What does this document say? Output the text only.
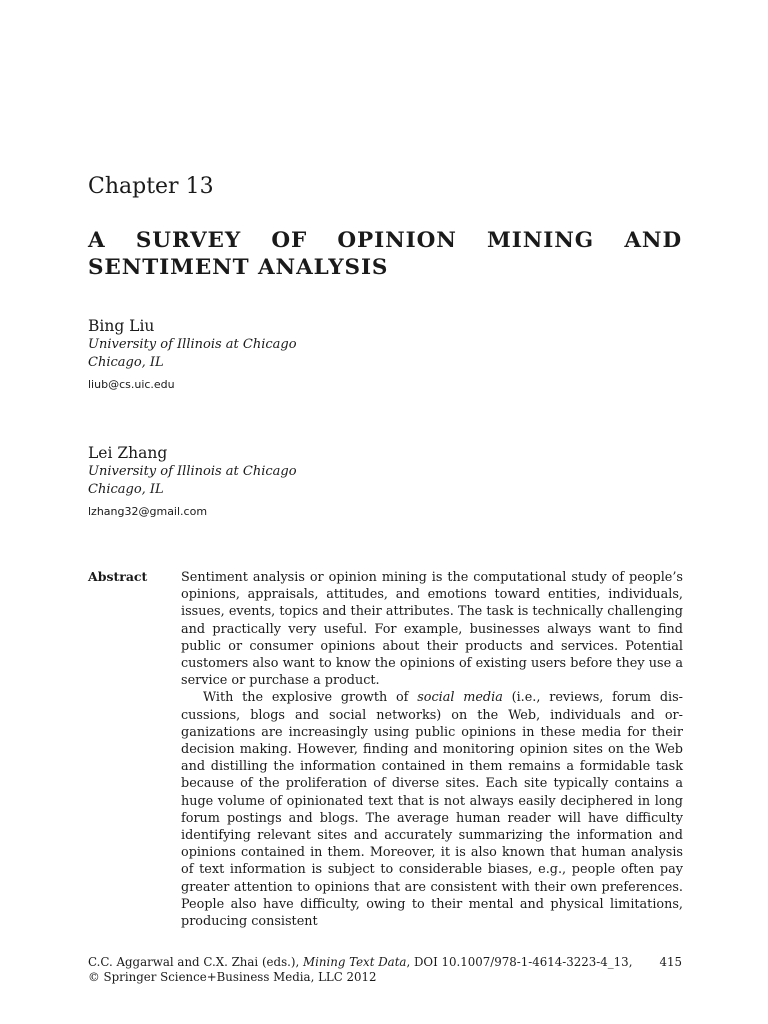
Chapter 13
A SURVEY OF OPINION MINING AND
SENTIMENT ANALYSIS
Bing Liu
University of Illinois at Chicago
Chicago, IL
liub@cs.uic.edu
Lei Zhang
University of Illinois at Chicago
Chicago, IL
lzhang32@gmail.com
Abstract	Sentiment analysis or opinion mining is the computational study of people’s opinions, appraisals, attitudes, and emotions toward entities, individuals, issues, events, topics and their attributes. The task is technically challenging and practically very useful. For example, businesses always want to find public or consumer opinions about their products and services. Potential customers also want to know the opinions of existing users before they use a service or purchase a product.

With the explosive growth of social media (i.e., reviews, forum discussions, blogs and social networks) on the Web, individuals and organizations are increasingly using public opinions in these media for their decision making. However, finding and monitoring opinion sites on the Web and distilling the information contained in them remains a formidable task because of the proliferation of diverse sites. Each site typically contains a huge volume of opinionated text that is not always easily deciphered in long forum postings and blogs. The average human reader will have difficulty identifying relevant sites and accurately summarizing the information and opinions contained in them. Moreover, it is also known that human analysis of text information is subject to considerable biases, e.g., people often pay greater attention to opinions that are consistent with their own preferences. People also have difficulty, owing to their mental and physical limitations, producing consistent

C.C. Aggarwal and C.X. Zhai (eds.), Mining Text Data, DOI 10.1007/978-1-4614-3223-4_13, 415
© Springer Science+Business Media, LLC 2012
